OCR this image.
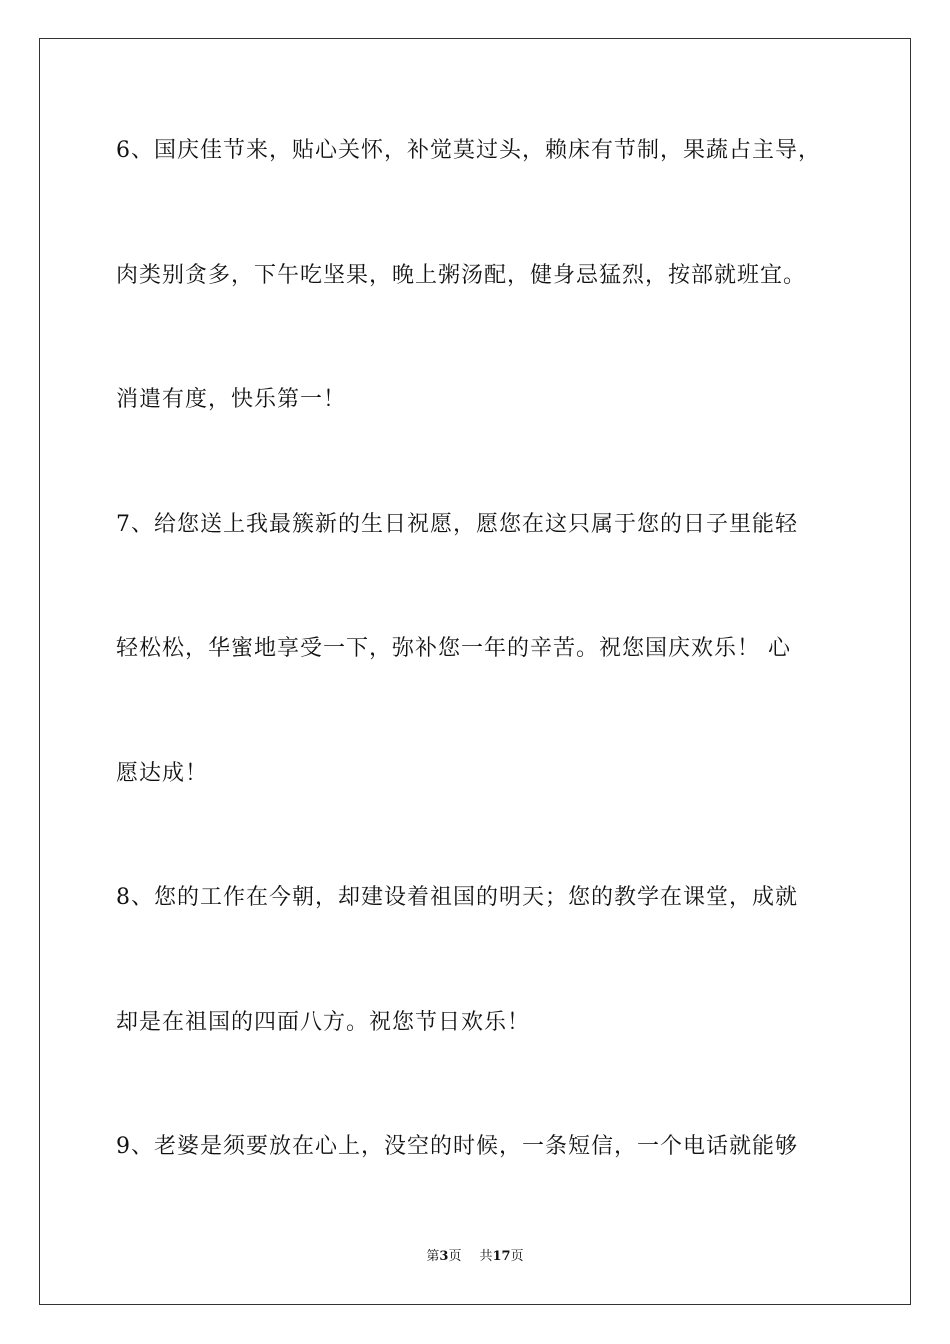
6、国庆佳节来，贴心关怀，补觉莫过头，赖床有节制，果蔬占主导，
肉类别贪多，下午吃坚果，晚上粥汤配，健身忌猛烈，按部就班宜。
消遣有度，快乐第一！
7、给您送上我最簇新的生日祝愿，愿您在这只属于您的日子里能轻
轻松松，华蜜地享受一下，弥补您一年的辛苦。祝您国庆欢乐！ 心
愿达成！
8、您的工作在今朝，却建设着祖国的明天；您的教学在课堂，成就
却是在祖国的四面八方。祝您节日欢乐！
9、老婆是须要放在心上，没空的时候，一条短信，一个电话就能够
第3页 共17页
